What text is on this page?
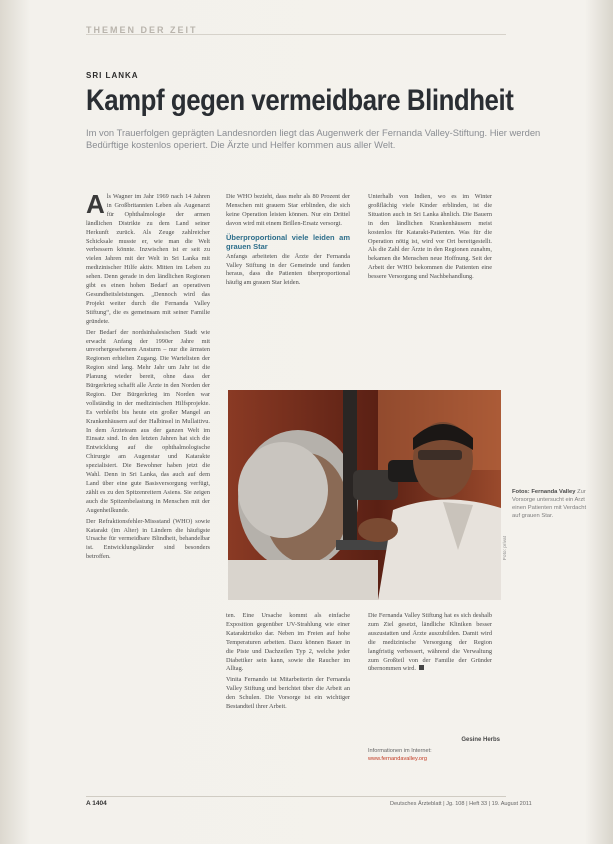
THEMEN DER ZEIT
SRI LANKA
Kampf gegen vermeidbare Blindheit
Im von Trauerfolgen geprägten Landesnorden liegt das Augenwerk der Fernanda Valley-Stiftung. Hier werden Bedürftige kostenlos operiert. Die Ärzte und Helfer kommen aus aller Welt.

Als Wagner im Jahr 1969 nach 14 Jahren in Großbritannien Leben als Augenarzt für Ophthalmologie der armen ländlichen Distrikte zu dem Land seiner Herkunft zurück. Als Zeuge zahlreicher Schicksale musste er, wie man die Welt verbessern könnte. Inzwischen ist er seit zu vielen Jahren mit der Welt in Sri Lanka mit medizinischer Hilfe aktiv. Mitten im Leben zu sehen. Denn gerade in den ländlichen Regionen gibt es einen hohen Bedarf an operativen Gesundheitsleistungen. „Dennoch wird das Projekt weiter durch die Fernanda Valley Stiftung“, die es gemeinsam mit seiner Familie gründete.

Der Bedarf der nordsinhalesischen Stadt wie erwacht Anfang der 1990er Jahre mit unvorhergesehenem Ansturm – nur die ärmsten Regionen erhielten Zugang. Die Wartelisten der Region sind lang. Mehr Jahr um Jahr ist die Planung wieder bereit, ohne dass der Bürgerkrieg schafft alle Ärzte in den Norden der Region. Der Bürgerkrieg im Norden war vollständig in der medizinischen Hilfsprojekte. Es verbleibt bis heute ein großer Mangel an Krankenhäusern auf der Halbinsel in Mullaitivu. In dem Ärzteteam aus der ganzen Welt im Einsatz sind. In den letzten Jahren hat sich die Entwicklung auf die ophthalmologische Chirurgie am Augenstar und Katarakte spezialisiert. Die Bewohner haben jetzt die Wahl. Denn in Sri Lanka, das auch auf dem Land über eine gute Basisversorgung verfügt, zählt es zu den Spitzenreitern Asiens. Sie zeigen auch die Spitzenbelastung in Menschen mit der Augenheilkunde.

Der Refraktionsfehler-Missstand (WHO) sowie Katarakt (im Alter) in Ländern die häufigste Ursache für vermeidbare Blindheit, behandelbar ist. Entwicklungsländer sind besonders betroffen.

Die WHO bezieht, dass mehr als 80 Prozent der Menschen mit grauem Star erblinden, die sich keine Operation leisten können. Nur ein Drittel davon wird mit einem Brillen-Ersatz versorgt.

Überproportional viele leiden am grauen Star

Anfangs arbeiteten die Ärzte der Fernanda Valley Stiftung in der Gemeinde und fanden heraus, dass die Patienten überproportional häufig am grauen Star leiden.

Unterhalb von Indien, wo es im Winter großflächig viele Kinder erblinden, ist die Situation auch in Sri Lanka ähnlich. Die Bauern in den ländlichen Krankenhäusern meist kostenlos für Katarakt-Patienten. Was für die Operation nötig ist, wird vor Ort bereitgestellt. Als die Zahl der Ärzte in den Regionen zunahm, bekamen die Menschen neue Hoffnung. Seit der Arbeit der WHO bekommen die Patienten eine bessere Versorgung und Nachbehandlung.

Fotos: Fernanda Valley Zur Vorsorge untersucht ein Arzt einen Patienten mit Verdacht auf grauen Star.
Foto: privat

ten. Eine Ursache kommt als einfache Exposition gegenüber UV-Strahlung wie einer Kataraktrisiko dar. Neben im Freien auf hohe Temperaturen arbeiten. Dazu können Bauer in die Piste und Dachzeilen Typ 2, welche jeder Diabetiker sein kann, sowie die Raucher im Alltag.

Vinita Fernando ist Mitarbeiterin der Fernanda Valley Stiftung und berichtet über die Arbeit an den Schulen. Die Vorsorge ist ein wichtiger Bestandteil ihrer Arbeit.

Die Fernanda Valley Stiftung hat es sich deshalb zum Ziel gesetzt, ländliche Kliniken besser auszustatten und Ärzte auszubilden. Damit wird die medizinische Versorgung der Region langfristig verbessert, während die Verwaltung zum Großteil von der Familie der Gründer übernommen wird.

Gesine Herbs
Informationen im Internet:
www.fernandavalley.org
A 1404	Deutsches Ärzteblatt | Jg. 108 | Heft 33 | 19. August 2011
